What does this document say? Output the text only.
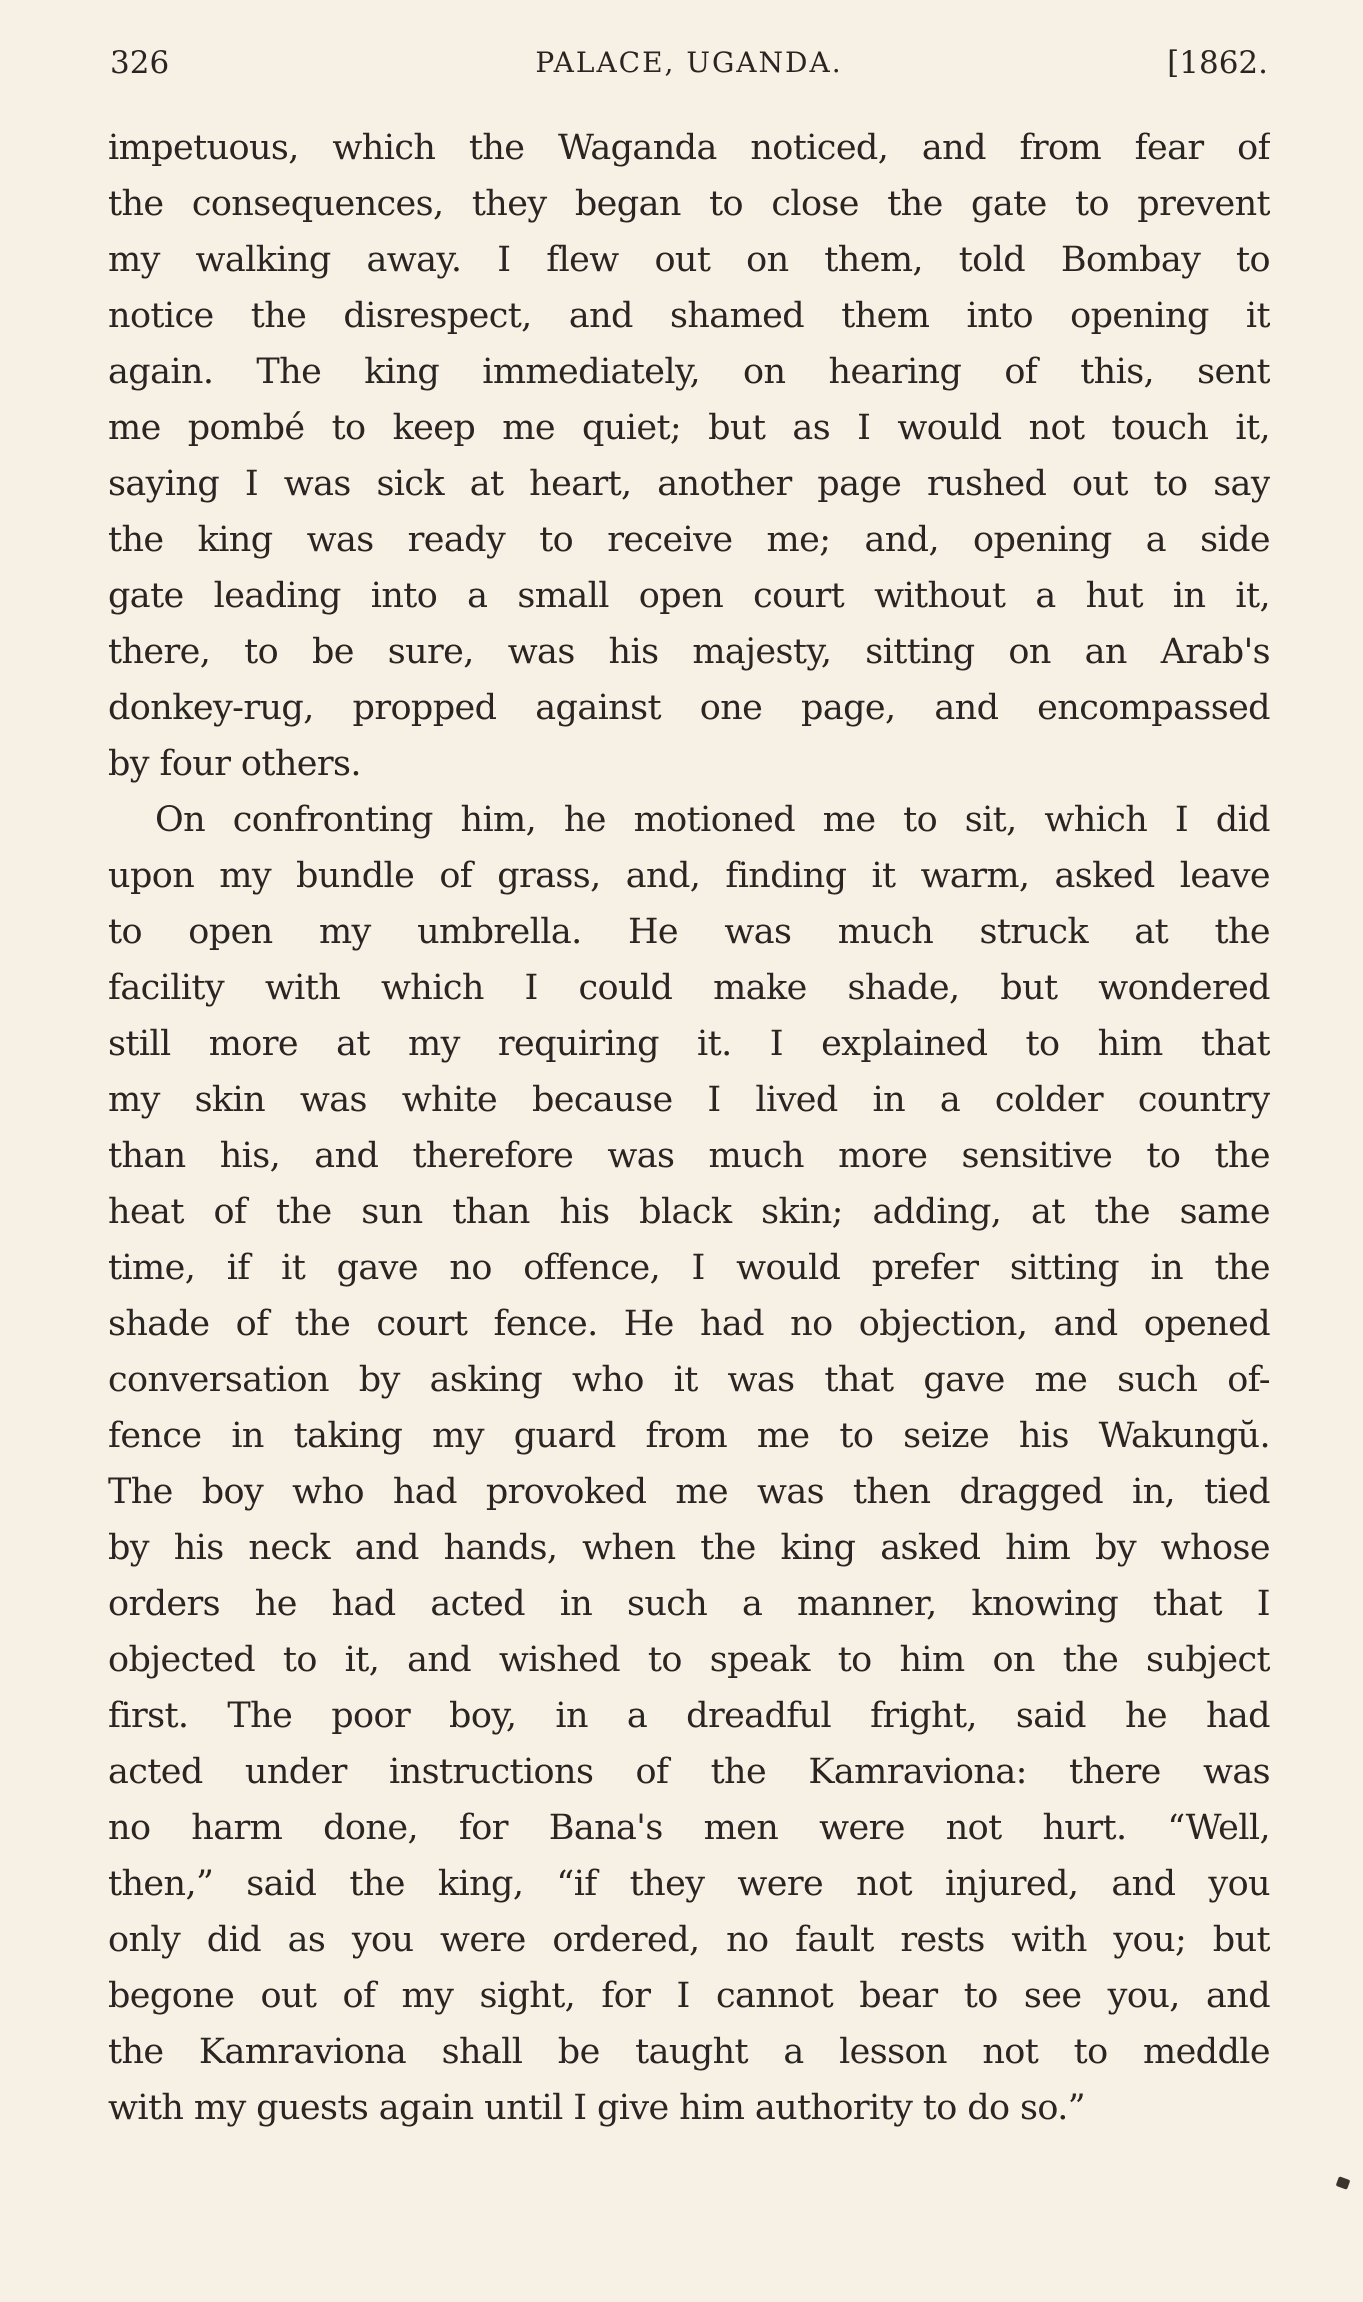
326	PALACE, UGANDA.	[1862.
impetuous, which the Waganda noticed, and from fear of
the consequences, they began to close the gate to prevent
my walking away. I flew out on them, told Bombay to
notice the disrespect, and shamed them into opening it
again. The king immediately, on hearing of this, sent
me pombé to keep me quiet; but as I would not touch it,
saying I was sick at heart, another page rushed out to say
the king was ready to receive me; and, opening a side
gate leading into a small open court without a hut in it,
there, to be sure, was his majesty, sitting on an Arab's
donkey-rug, propped against one page, and encompassed
by four others.
On confronting him, he motioned me to sit, which I did
upon my bundle of grass, and, finding it warm, asked leave
to open my umbrella. He was much struck at the
facility with which I could make shade, but wondered
still more at my requiring it. I explained to him that
my skin was white because I lived in a colder country
than his, and therefore was much more sensitive to the
heat of the sun than his black skin; adding, at the same
time, if it gave no offence, I would prefer sitting in the
shade of the court fence. He had no objection, and opened
conversation by asking who it was that gave me such of-
fence in taking my guard from me to seize his Wakungŭ.
The boy who had provoked me was then dragged in, tied
by his neck and hands, when the king asked him by whose
orders he had acted in such a manner, knowing that I
objected to it, and wished to speak to him on the subject
first. The poor boy, in a dreadful fright, said he had
acted under instructions of the Kamraviona: there was
no harm done, for Bana's men were not hurt. “Well,
then,” said the king, “if they were not injured, and you
only did as you were ordered, no fault rests with you; but
begone out of my sight, for I cannot bear to see you, and
the Kamraviona shall be taught a lesson not to meddle
with my guests again until I give him authority to do so.”
